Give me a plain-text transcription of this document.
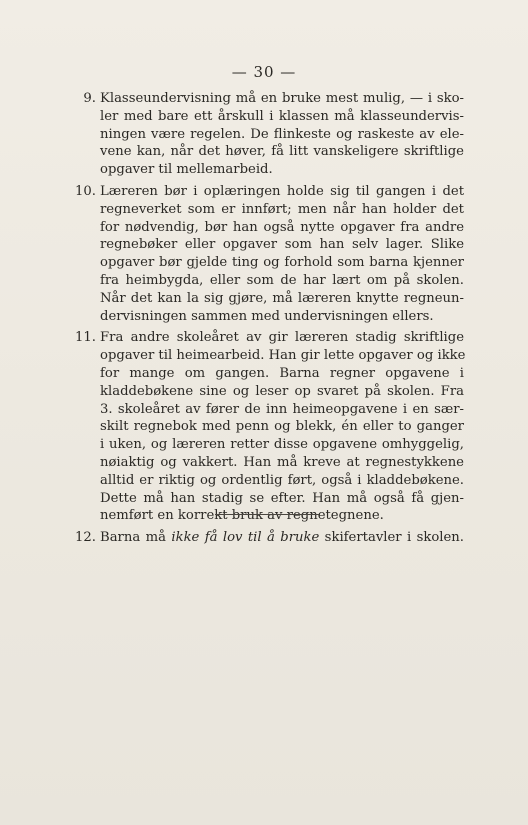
— 30 —
9. Klasseundervisning må en bruke mest mulig, — i sko-
ler med bare ett årskull i klassen må klasseundervis-
ningen være regelen. De flinkeste og raskeste av ele-
vene kan, når det høver, få litt vanskeligere skriftlige
opgaver til mellemarbeid.
10. Læreren bør i oplæringen holde sig til gangen i det
regneverket som er innført; men når han holder det
for nødvendig, bør han også nytte opgaver fra andre
regnebøker eller opgaver som han selv lager. Slike
opgaver bør gjelde ting og forhold som barna kjenner
fra heimbygda, eller som de har lært om på skolen.
Når det kan la sig gjøre, må læreren knytte regneun-
dervisningen sammen med undervisningen ellers.
11. Fra andre skoleåret av gir læreren stadig skriftlige
opgaver til heimearbeid. Han gir lette opgaver og ikke
for mange om gangen. Barna regner opgavene i
kladdebøkene sine og leser op svaret på skolen. Fra
3. skoleåret av fører de inn heimeopgavene i en sær-
skilt regnebok med penn og blekk, én eller to ganger
i uken, og læreren retter disse opgavene omhyggelig,
nøiaktig og vakkert. Han må kreve at regnestykkene
alltid er riktig og ordentlig ført, også i kladdebøkene.
Dette må han stadig se efter. Han må også få gjen-
nemført en korrekt bruk av regnetegnene.
12. Barna må ikke få lov til å bruke skifertavler i skolen.
